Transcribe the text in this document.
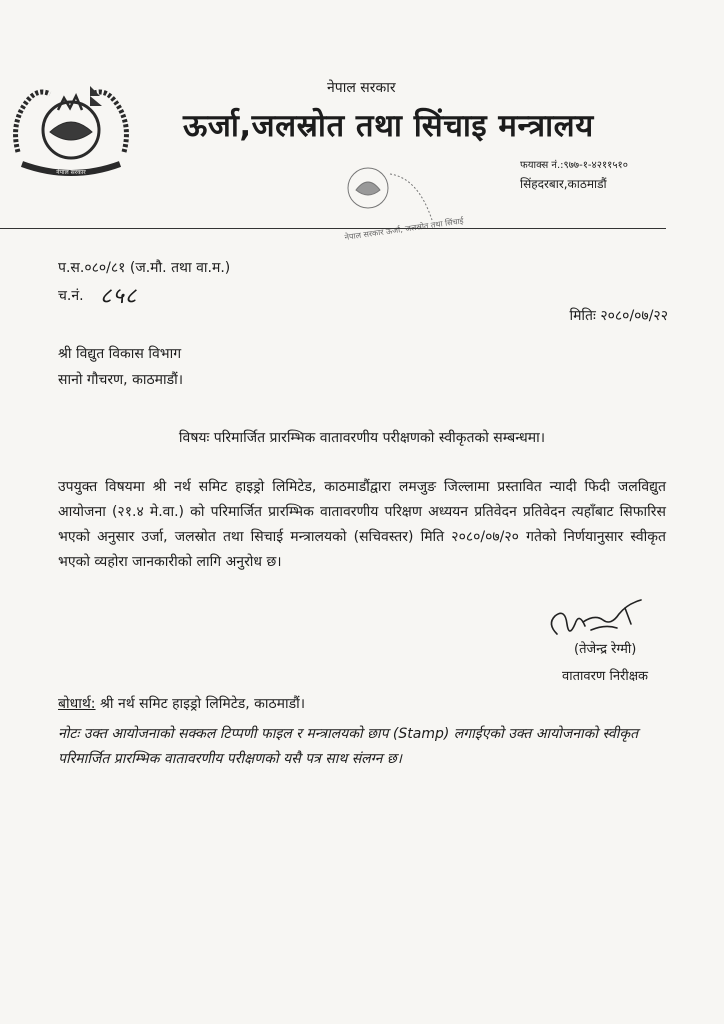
नेपाल सरकार
नेपाल सरकार
ऊर्जा,जलस्रोत तथा सिंचाइ मन्त्रालय
फयाक्स नं.:९७७-१-४२११५१०
सिंहदरबार,काठमाडौं
नेपाल सरकार ऊर्जा, जलस्रोत तथा सिंचाई
प.स.०८०/८१ (ज.मौ. तथा वा.म.)
च.नं. ८५८
मितिः २०८०/०७/२२
श्री विद्युत विकास विभाग
सानो गौचरण, काठमाडौं।
विषयः परिमार्जित प्रारम्भिक वातावरणीय परीक्षणको स्वीकृतको सम्बन्धमा।
उपयुक्त विषयमा श्री नर्थ समिट हाइड्रो लिमिटेड, काठमाडौंद्वारा लमजुङ जिल्लामा प्रस्तावित न्यादी फिदी जलविद्युत आयोजना (२१.४ मे.वा.) को परिमार्जित प्रारम्भिक वातावरणीय परिक्षण अध्ययन प्रतिवेदन प्रतिवेदन त्यहाँबाट सिफारिस भएको अनुसार उर्जा, जलस्रोत तथा सिचाई मन्त्रालयको (सचिवस्तर) मिति २०८०/०७/२० गतेको निर्णयानुसार स्वीकृत भएको व्यहोरा जानकारीको लागि अनुरोध छ।
(तेजेन्द्र रेग्मी)
वातावरण निरीक्षक
बोधार्थ: श्री नर्थ समिट हाइड्रो लिमिटेड, काठमाडौं।
नोटः उक्त आयोजनाको सक्कल टिप्पणी फाइल र मन्त्रालयको छाप (Stamp) लगाईएको उक्त आयोजनाको स्वीकृत परिमार्जित प्रारम्भिक वातावरणीय परीक्षणको यसै पत्र साथ संलग्न छ।
